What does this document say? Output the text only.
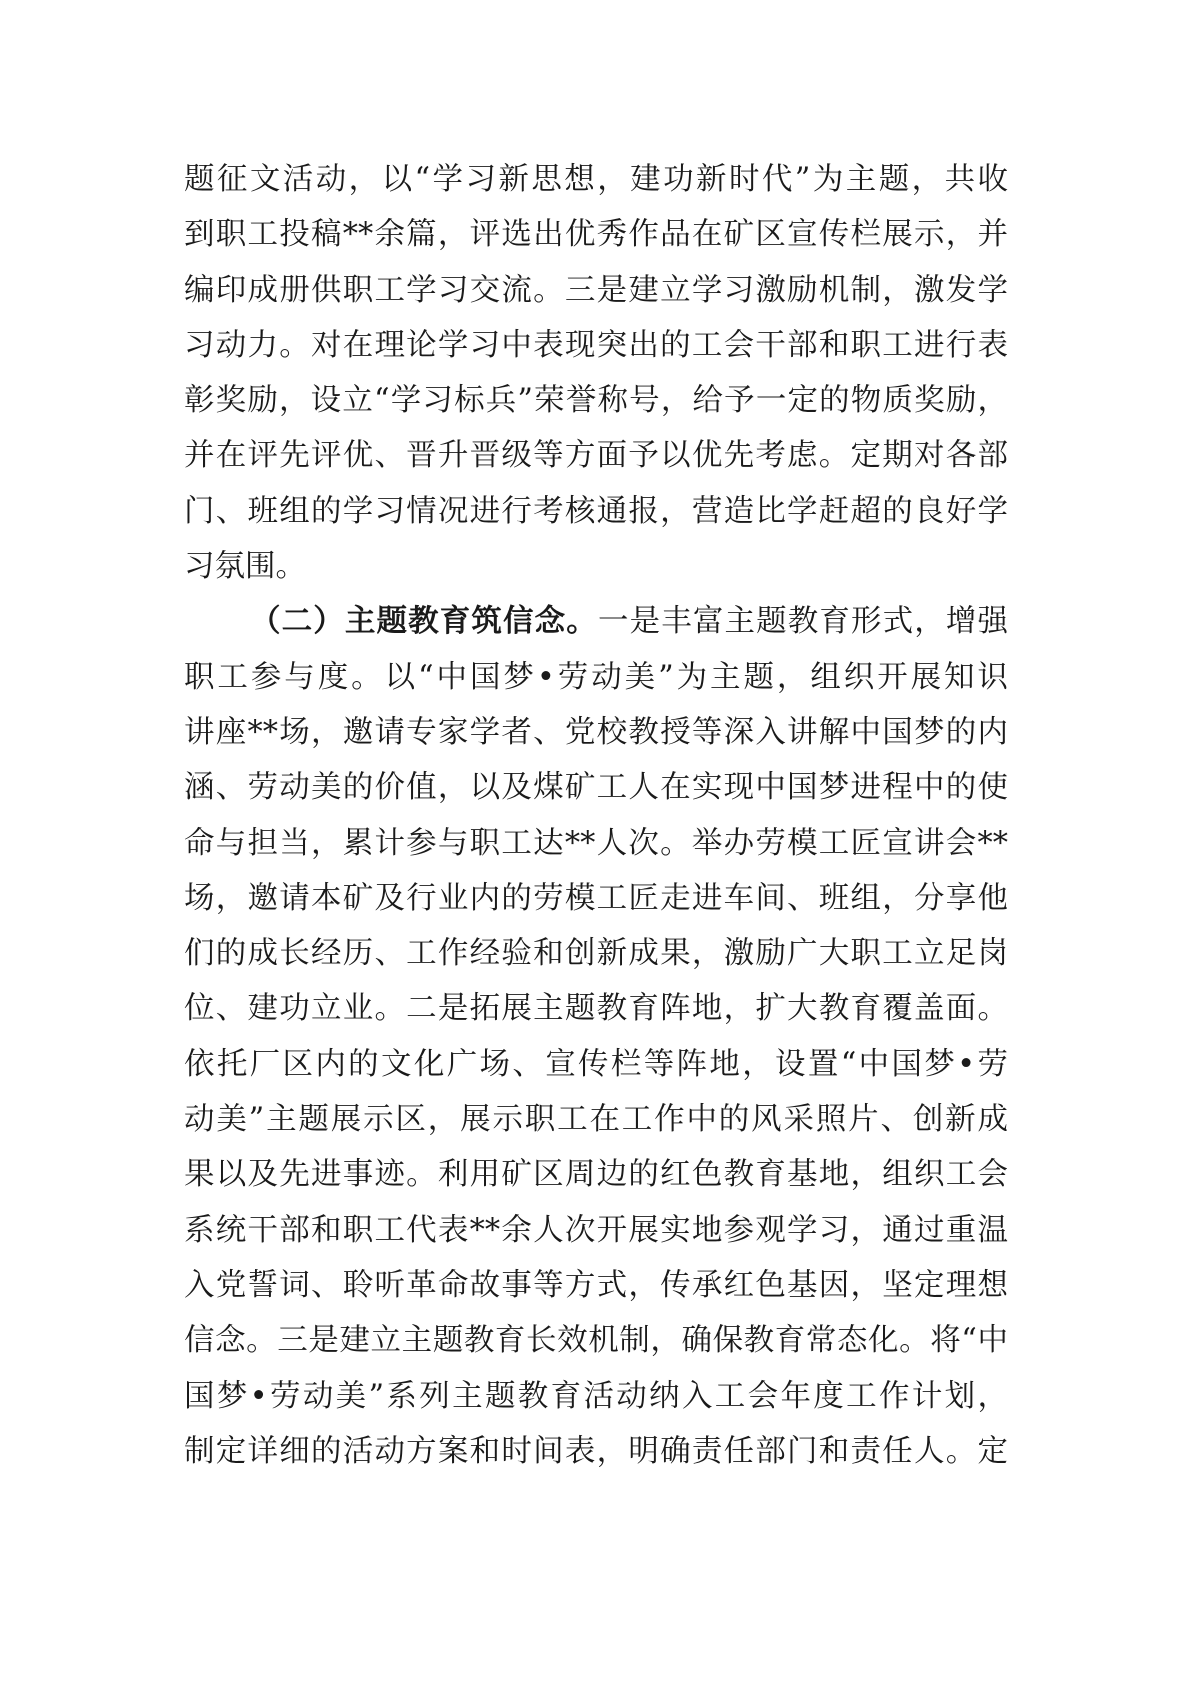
题征文活动，以“学习新思想，建功新时代”为主题，共收
到职工投稿**余篇，评选出优秀作品在矿区宣传栏展示，并
编印成册供职工学习交流。三是建立学习激励机制，激发学
习动力。对在理论学习中表现突出的工会干部和职工进行表
彰奖励，设立“学习标兵”荣誉称号，给予一定的物质奖励，
并在评先评优、晋升晋级等方面予以优先考虑。定期对各部
门、班组的学习情况进行考核通报，营造比学赶超的良好学
习氛围。
（二）主题教育筑信念。一是丰富主题教育形式，增强
职工参与度。以“中国梦•劳动美”为主题，组织开展知识
讲座**场，邀请专家学者、党校教授等深入讲解中国梦的内
涵、劳动美的价值，以及煤矿工人在实现中国梦进程中的使
命与担当，累计参与职工达**人次。举办劳模工匠宣讲会**
场，邀请本矿及行业内的劳模工匠走进车间、班组，分享他
们的成长经历、工作经验和创新成果，激励广大职工立足岗
位、建功立业。二是拓展主题教育阵地，扩大教育覆盖面。
依托厂区内的文化广场、宣传栏等阵地，设置“中国梦•劳
动美”主题展示区，展示职工在工作中的风采照片、创新成
果以及先进事迹。利用矿区周边的红色教育基地，组织工会
系统干部和职工代表**余人次开展实地参观学习，通过重温
入党誓词、聆听革命故事等方式，传承红色基因，坚定理想
信念。三是建立主题教育长效机制，确保教育常态化。将“中
国梦•劳动美”系列主题教育活动纳入工会年度工作计划，
制定详细的活动方案和时间表，明确责任部门和责任人。定
